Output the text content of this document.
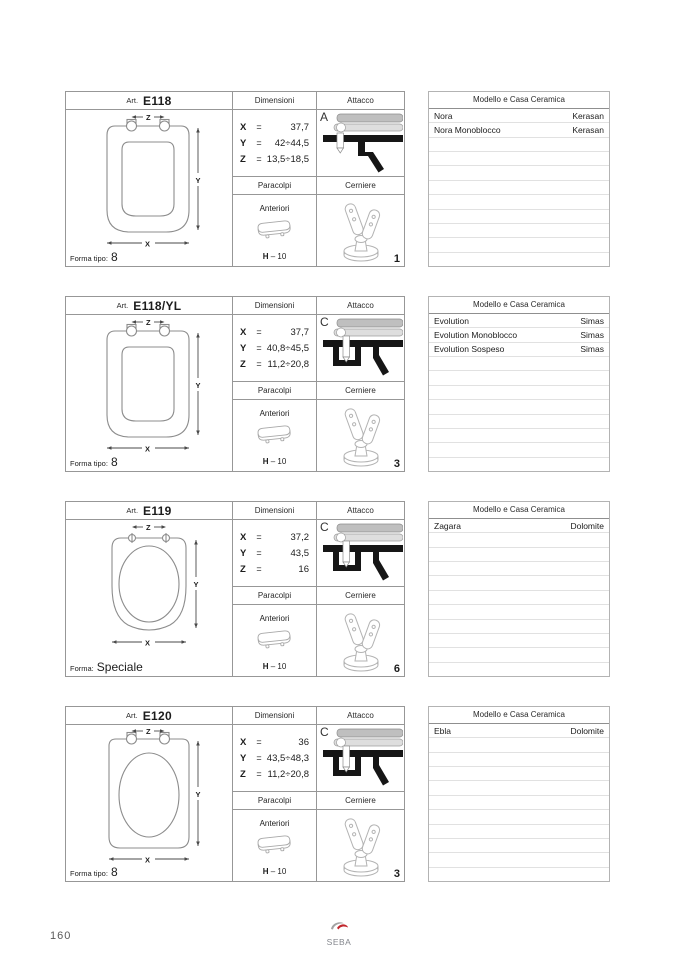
Art. E118
Z
Y
X
Forma tipo: 8
Dimensioni
X	=	37,7
Y	=	42÷44,5
Z	= 13,5÷18,5
Paracolpi
Anteriori
H – 10
Attacco
A
Cerniere
1
Modello e Casa Ceramica
Nora	Kerasan
Nora Monoblocco	Kerasan
Art. E118/YL
Z
Y
X
Forma tipo: 8
Dimensioni
X	=	37,7
Y	= 40,8÷45,5
Z	= 11,2÷20,8
Paracolpi
Anteriori
H – 10
Attacco
C
Cerniere
3
Modello e Casa Ceramica
Evolution	Simas
Evolution Monoblocco	Simas
Evolution Sospeso	Simas
Art. E119
Z
Y
X
Forma: Speciale
Dimensioni
X	=	37,2
Y	=	43,5
Z	=	16
Paracolpi
Anteriori
H – 10
Attacco
C
Cerniere
6
Modello e Casa Ceramica
Zagara	Dolomite
Art. E120
Z
Y
X
Forma tipo: 8
Dimensioni
X	=	36
Y	= 43,5÷48,3
Z	= 11,2÷20,8
Paracolpi
Anteriori
H – 10
Attacco
C
Cerniere
3
Modello e Casa Ceramica
Ebla	Dolomite
160	SEBA
